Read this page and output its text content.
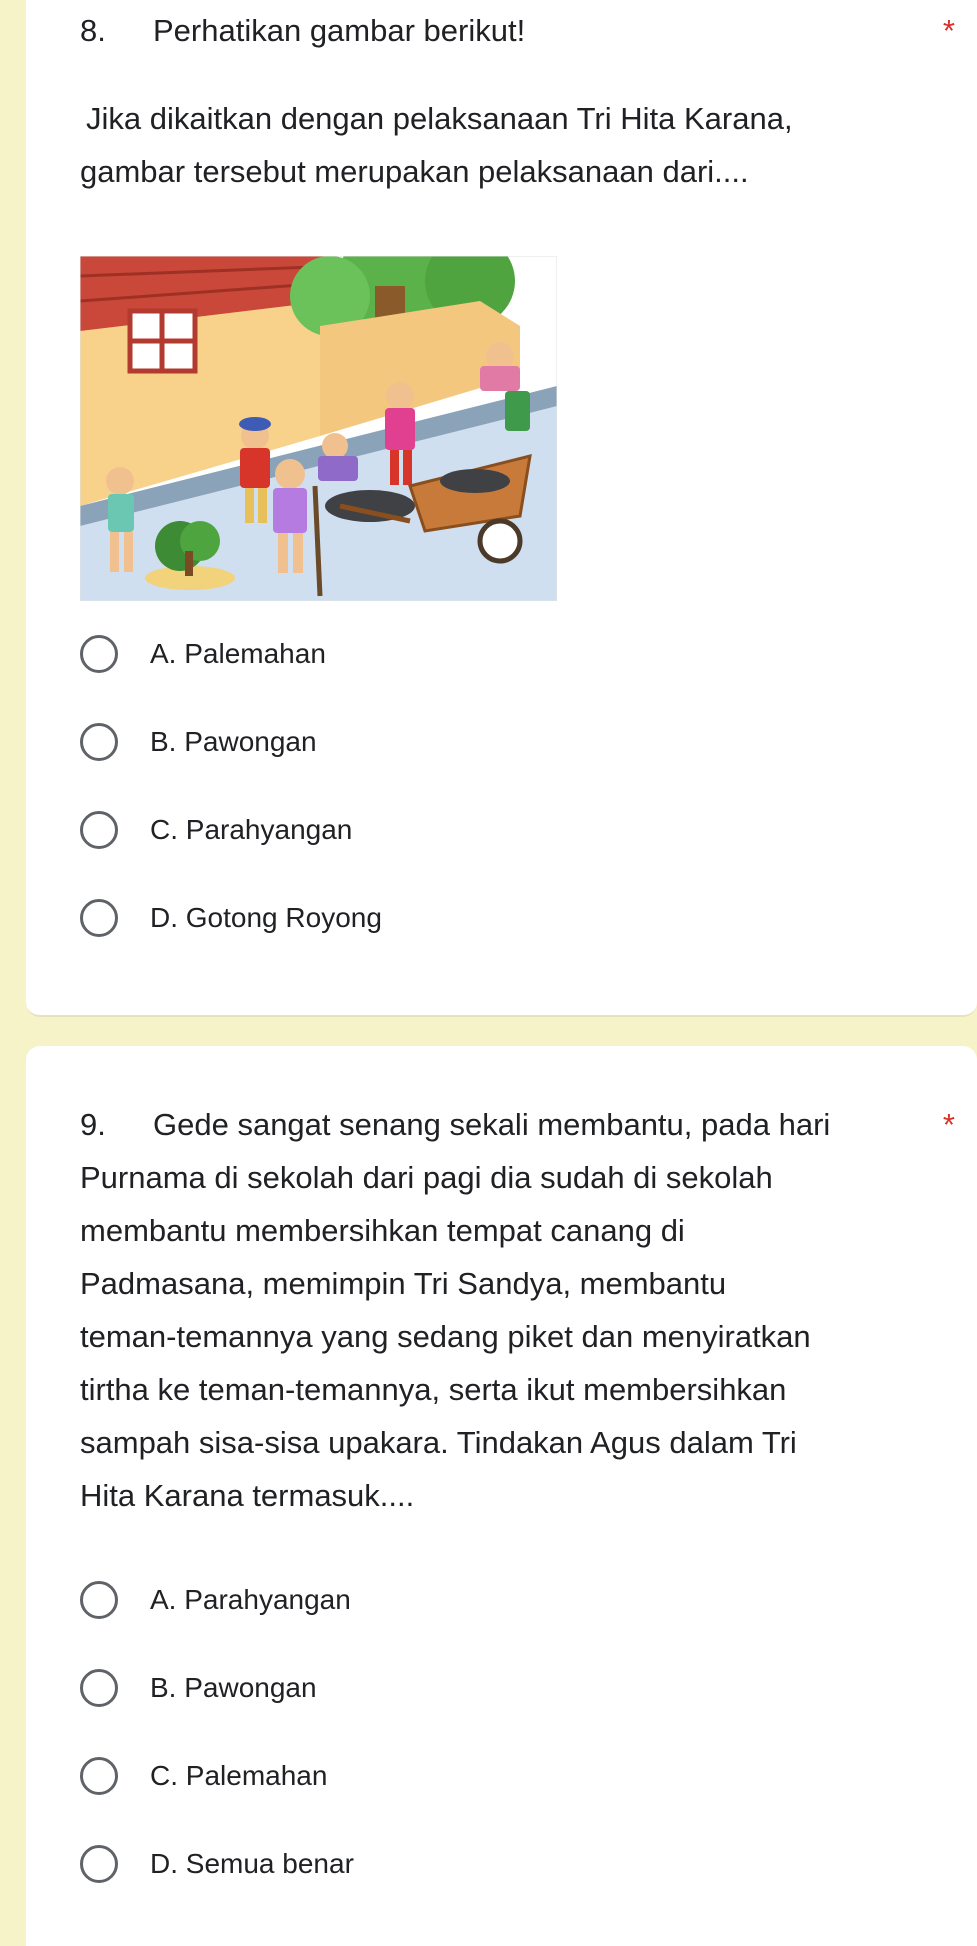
8. Perhatikan gambar berikut!	*
Jika dikaitkan dengan pelaksanaan Tri Hita Karana,
gambar tersebut merupakan pelaksanaan dari....
A. Palemahan
B. Pawongan
C. Parahyangan
D. Gotong Royong
9. Gede sangat senang sekali membantu, pada hari	*
Purnama di sekolah dari pagi dia sudah di sekolah
membantu membersihkan tempat canang di
Padmasana, memimpin Tri Sandya, membantu
teman-temannya yang sedang piket dan menyiratkan
tirtha ke teman-temannya, serta ikut membersihkan
sampah sisa-sisa upakara. Tindakan Agus dalam Tri
Hita Karana termasuk....
A. Parahyangan
B. Pawongan
C. Palemahan
D. Semua benar
